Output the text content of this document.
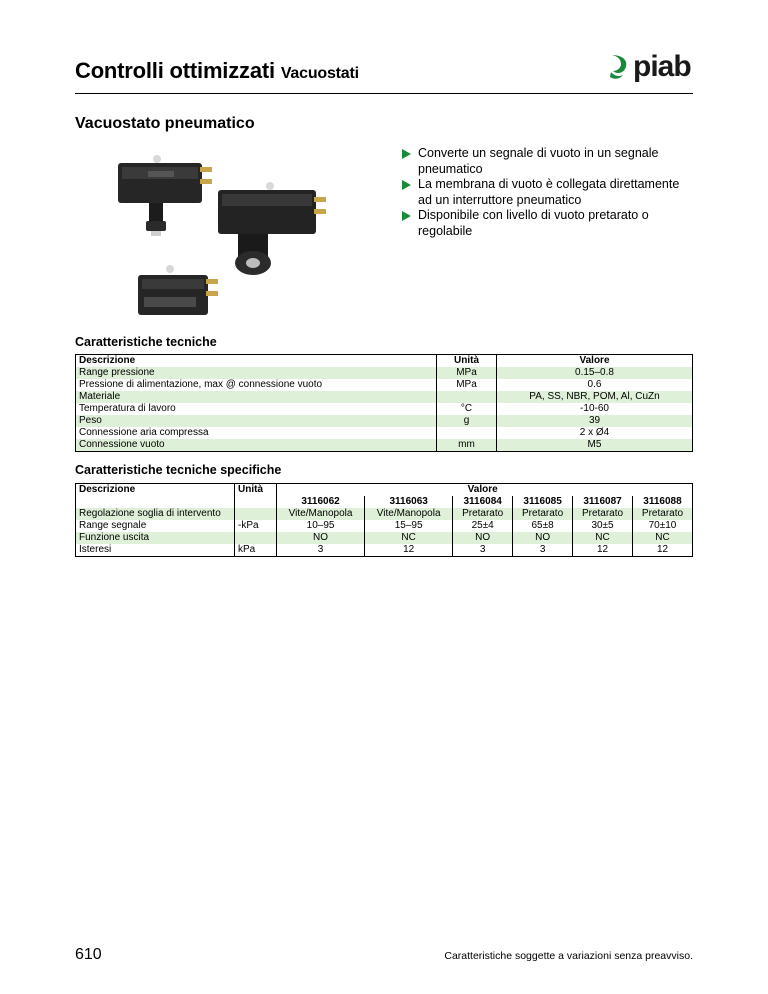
Controlli ottimizzati Vacuostati	piab
Vacuostato pneumatico
Converte un segnale di vuoto in un segnale pneumatico
La membrana di vuoto è collegata direttamente ad un interruttore pneumatico
Disponibile con livello di vuoto pretarato o regolabile
Caratteristiche tecniche
Descrizione	Unità	Valore
Range pressione	MPa	0.15–0.8
Pressione di alimentazione, max @ connessione vuoto	MPa	0.6
Materiale		PA, SS, NBR, POM, Al, CuZn
Temperatura di lavoro	°C	-10-60
Peso	g	39
Connessione aria compressa		2 x Ø4
Connessione vuoto	mm	M5
Caratteristiche tecniche specifiche
Descrizione	Unità			Valore			
		3116062	3116063	3116084	3116085	3116087	3116088
Regolazione soglia di intervento		Vite/Manopola	Vite/Manopola	Pretarato	Pretarato	Pretarato	Pretarato
Range segnale	-kPa	10–95	15–95	25±4	65±8	30±5	70±10
Funzione uscita		NO	NC	NO	NO	NC	NC
Isteresi	kPa	3	12	3	3	12	12
610	Caratteristiche soggette a variazioni senza preavviso.
